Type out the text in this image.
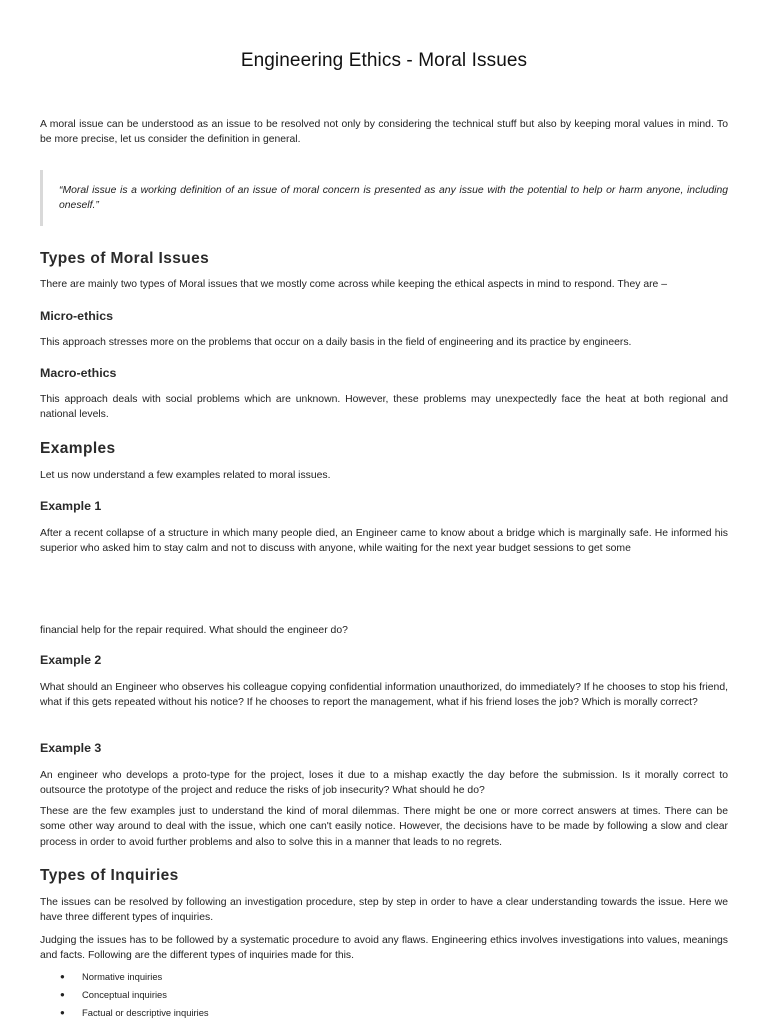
Engineering Ethics - Moral Issues

A moral issue can be understood as an issue to be resolved not only by considering the technical stuff but also by keeping moral values in mind. To be more precise, let us consider the definition in general.

“Moral issue is a working definition of an issue of moral concern is presented as any issue with the potential to help or harm anyone, including oneself.”

Types of Moral Issues

There are mainly two types of Moral issues that we mostly come across while keeping the ethical aspects in mind to respond. They are –

Micro-ethics

This approach stresses more on the problems that occur on a daily basis in the field of engineering and its practice by engineers.

Macro-ethics

This approach deals with social problems which are unknown. However, these problems may unexpectedly face the heat at both regional and national levels.

Examples

Let us now understand a few examples related to moral issues.

Example 1

After a recent collapse of a structure in which many people died, an Engineer came to know about a bridge which is marginally safe. He informed his superior who asked him to stay calm and not to discuss with anyone, while waiting for the next year budget sessions to get some

financial help for the repair required. What should the engineer do?

Example 2

What should an Engineer who observes his colleague copying confidential information unauthorized, do immediately? If he chooses to stop his friend, what if this gets repeated without his notice? If he chooses to report the management, what if his friend loses the job? Which is morally correct?

Example 3

An engineer who develops a proto-type for the project, loses it due to a mishap exactly the day before the submission. Is it morally correct to outsource the prototype of the project and reduce the risks of job insecurity? What should he do?

These are the few examples just to understand the kind of moral dilemmas. There might be one or more correct answers at times. There can be some other way around to deal with the issue, which one can't easily notice. However, the decisions have to be made by following a slow and clear process in order to avoid further problems and also to solve this in a manner that leads to no regrets.

Types of Inquiries

The issues can be resolved by following an investigation procedure, step by step in order to have a clear understanding towards the issue. Here we have three different types of inquiries.

Judging the issues has to be followed by a systematic procedure to avoid any flaws. Engineering ethics involves investigations into values, meanings and facts. Following are the different types of inquiries made for this.

● Normative inquiries
● Conceptual inquiries
● Factual or descriptive inquiries
